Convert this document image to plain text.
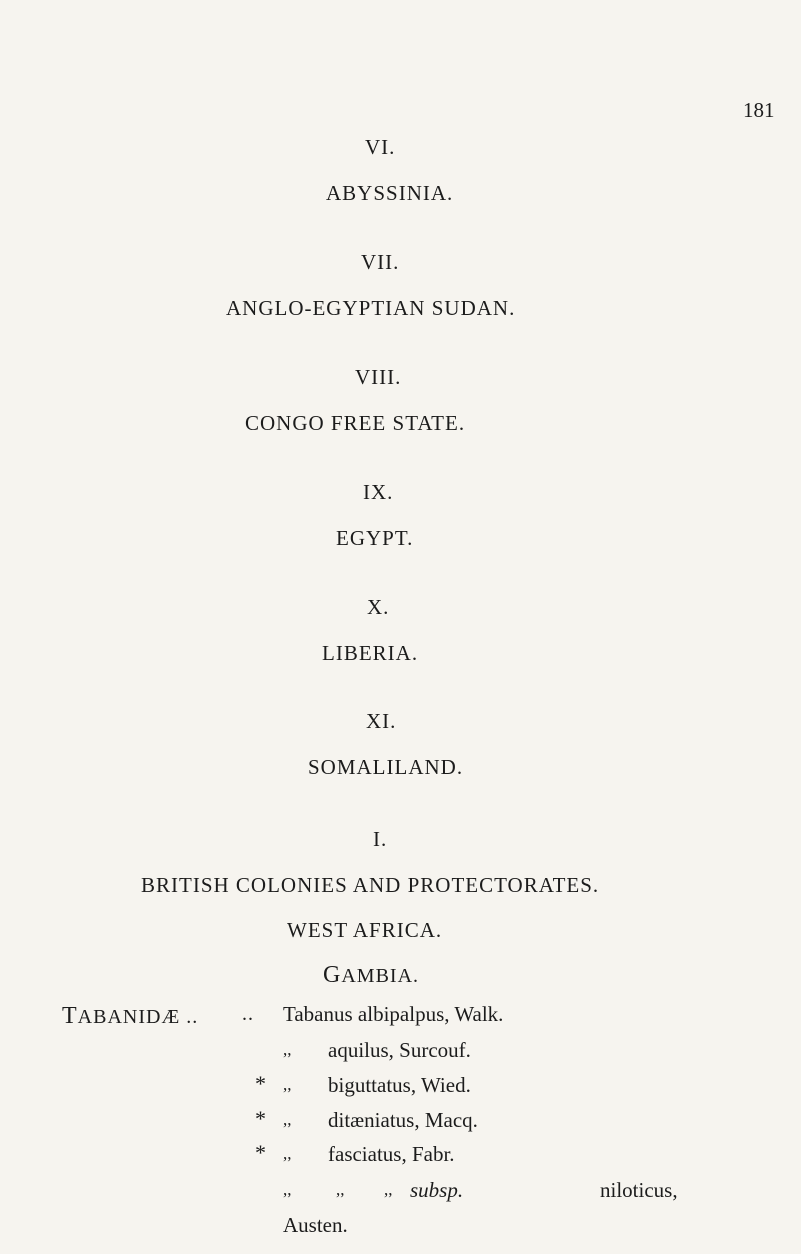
181
VI.
ABYSSINIA.
VII.
ANGLO-EGYPTIAN SUDAN.
VIII.
CONGO FREE STATE.
IX.
EGYPT.
X.
LIBERIA.
XI.
SOMALILAND.
I.
BRITISH COLONIES AND PROTECTORATES.
WEST AFRICA.
GAMBIA.
TABANIDÆ .. .. Tabanus albipalpus, Walk.
,, aquilus, Surcouf.
* ,, biguttatus, Wied.
* ,, ditæniatus, Macq.
* ,, fasciatus, Fabr.
,,	,, ,, subsp.	niloticus,
Austen.
